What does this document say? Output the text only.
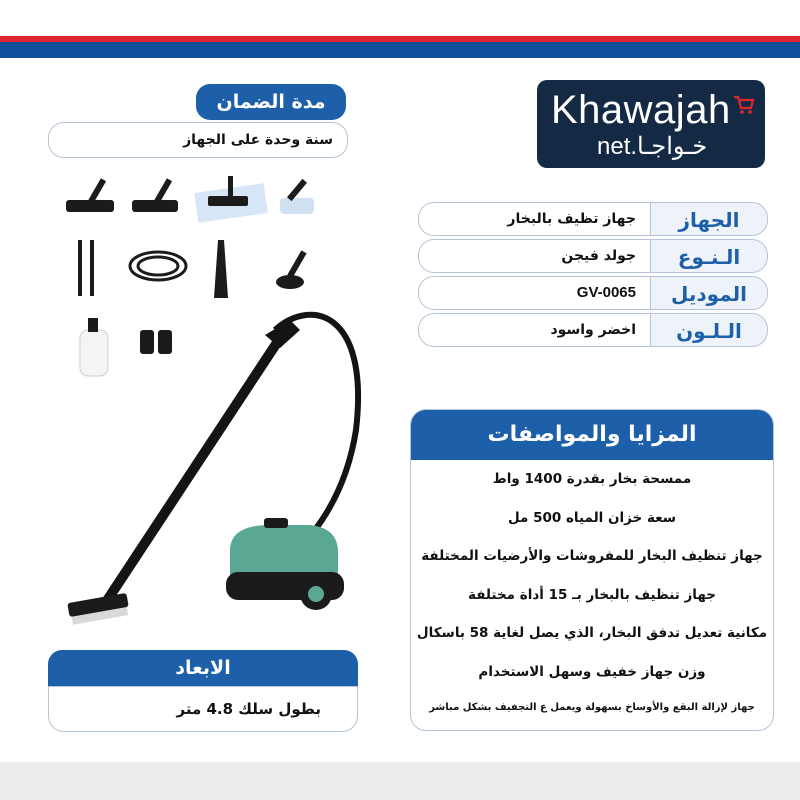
Khawajah
خـواجـا.net
مدة الضمان
سنة وحدة على الجهاز
الجهاز
جهاز تظيف بالبخار
الـنـوع
جولد فيجن
الموديل
GV-0065
الـلـون
اخضر واسود
المزايا والمواصفات
ممسحة بخار بقدرة 1400 واط
سعة خزان المياه 500 مل
جهاز تنظيف البخار للمفروشات والأرضيات المختلفة
جهاز تنظيف بالبخار بـ 15 أداة مختلفة
مكانية تعديل تدفق البخار، الذي يصل لغاية 58 باسكال
وزن جهاز خفيف وسهل الاستخدام
جهاز لإزالة البقع والأوساخ بسهولة ويعمل ع التجفيف بشكل مباشر
الابعاد
بطول سلك 4.8 متر
